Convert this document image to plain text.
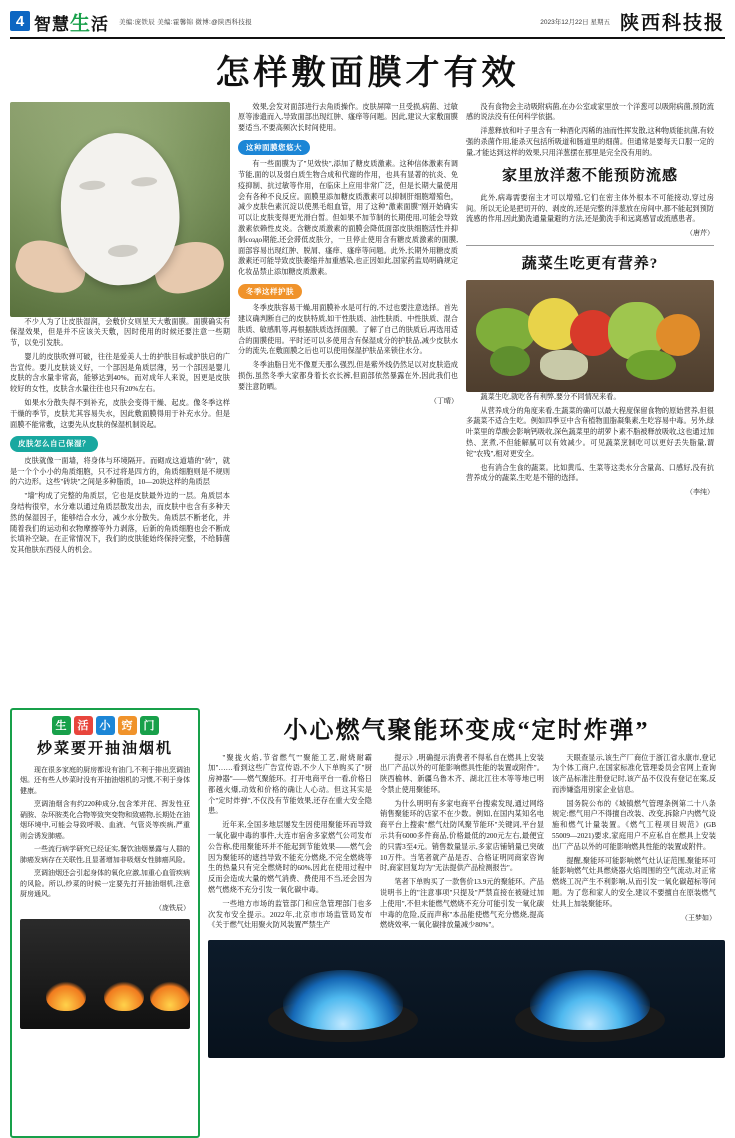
4 智慧 生 活 美编:庞铁辰 美编:霍馨锦 微博:@陕西科技报	2023年12月22日 星期五 陕西科技报
怎样敷面膜才有效

不少人为了让皮肤湿润，会敷价女则星天大敷面膜。面膜确实有保湿效果，但是并不应该关天敷，因时使用的时候还要注意一些期节，以免引发肤。

婴儿的皮肤吹弹可破，往往是爱美人士的护肤目标或护肤启的广告宣传。要儿皮肤谈义好，一个部因是角质层薄，另一个部因是婴儿皮肤的含水量非常高，能够达到40%。而对成年人来说，因更是皮肤较好的女性，皮肤含水量往往也只有20%左右。

如果水分散失得不到补充，皮肤会变得干燥、起皮。像冬季这样干燥的季节，皮肤尤其容易失水，因此敷面膜得用于补充水分。但是面膜不能常敷，这要先从皮肤的保湿机制说起。

皮肤怎么自己保湿？

皮肤就像一面墙，将身体与环境隔开。而砌成这道墙的"砖"，就是一个个小小的角质细胞，只不过将是四方的，角质细胞则是不规则的六边形。这些"砖块"之间是多种脂质，10—20块这样的角质层

"墙"构成了完整的角质层，它也是皮肤最外边的一层。角质层本身结构很窄，水分难以通过角质层散发出去，而皮肤中也含有多种天然的保湿因子，能够结合水分，减少水分散失。角质层不断老化，并随着我们的运动和衣物摩擦等外力剥落，后新的角质细胞也会不断成长填补空缺。在正常情况下，我们的皮肤能始终保持完整，不给肺菌发其他肤东西侵人的机会。

效果,会发对面部进行去角质操作。皮肤屏障一旦受损,病菌、过敏原等渗遗而入,导致面部出现红肿、瘙痒等问题。因此,建议大家敷面膜要适当,不要高频次长时间使用。

这种面膜您悠大

有一些面膜为了"见效快",添加了糖皮质激素。这种信体激素有调节能,面的以及弱白质生物合成和代谢的作用，也具有显著的抗炎、免疫抑制、抗过敏等作用，在临床上应用非常广泛，但是长期大量使用会有各种不良反应。面膜里添加糖皮质激素可以抑制肝细胞增殖色，减少皮肤色素沉淀以使黑毛组血管，用了这种"激素面膜"刚开始确实可以让皮肤变得更光滑白皙。但如果不加节制的长期使用,可能会导致激素依赖性皮炎。含糖皮质激素的面膜会降低面部皮肤细胞活性并抑制создо期能,还会滞低皮肤分，一旦停止使用含有糖皮质激素的面膜,面部容易出现红肿、脱屑、瘙痒、瘙痒等问题。此外,长期外用糖皮质激素还可能导致皮肤萎缩并加重感染,也正因如此,国家药监局明确规定化妆品禁止添加糖皮质激素。

冬季这样护肤

冬季皮肤容易干燥,用面膜补水是可行的,不过也要注意选择。首先建议确判断自己的皮肤特质,如干性肤质、油性肤质、中性肤质、混合肤质、敏感肌等,再根据肤质选择面膜。了解了自己的肤质后,再选用适合的面膜使用。平时还可以多使用含有保湿成分的护肤品,减少皮肤水分的流失,在敷面膜之后也可以使用保湿护肤品来锁住水分。

冬季油脂日光不像夏天那么强烈,但是紫外线仍然足以对皮肤造成损伤,虽然冬季大家都身着长衣长裤,但面部依然暴露在外,因此我们也要注意防晒。

（丁晴）

没有食物会主动吸附病菌,在办公室或家里放一个洋葱可以吸附病菌,预防流感的说法没有任何科学依据。

洋葱释放和叶子里含有一种酒化丙稀的油而性挥发散,这种物质能抗菌,有较强的杀菌作用,能杀灭包括所吸道和肠道里的细菌。但通常是要每天口服一定的量,才能达到这样的效果,只用洋葱摆在那里是完全没有用的。

家里放洋葱不能预防流感

此外,病毒需要宿主才可以增殖,它们在密主体外根本不可能接动,穿过房间。所以无论是把切开的、剥皮的,还是完整的洋葱放在房间中,都不能起到预防流感的作用,因此勤洗通量量避的方法,还是勤洗手和远离感冒或流感患者。

（唐芹）
蔬菜生吃更有营养?

蔬菜生吃,就吃各有利弊,要分不同情况来看。

从营养成分的角度来看,生蔬菜的确可以最大程度保留食物的原始营养,但很多蔬菜不适合生吃。例如四季豆中含有植物皿脂凝集素,生吃容易中毒。另外,绿叶菜里的草酸会影响钙吸收,深色蔬菜里的胡萝卜素不脂被释放吸收,这也通过加热、烹煮,不但能解腻可以有效减少。可见蔬菜烹制吃可以更好丢失脂量,谓铊"农残",相对更安全。

也有消合生食的蔬菜。比如黄瓜、生菜等这类水分含量高、口感好,没有抗营养成分的蔬菜,生吃是不错的选择。

（李纯）
生	活	小	窍	门
炒菜要开抽油烟机

现在很多家庭的厨房都设有油门,不利于排出烹调油烟。还有些人炒菜时没有开抽油烟机的习惯,不利于身体健康。

烹调油烟含有约220种成分,包含苯并芘、挥发性亚硝胺、杂环胺类化合物等致突变物和致癌物,长期处在油烟环境中,可能会导致呼吸、血液、气管炎等疾病,严重则会诱发肺癌。

一些流行病学研究已经证实,餐饮油烟暴露与人群的肺癌发病存在关联性,且显著增加非吸烟女性肺癌风险。

烹调油烟还会引起身体的氧化应激,加重心血管疾病的风险。所以,炒菜的时候一定要先打开抽油烟机,注意厨房通风。

（庞铁辰）
小心燃气聚能环变成“定时炸弹”

"聚拢火焰,节省燃气""聚能工艺,耐烧耐霸加"……看到这些广告宣传语,不少人下单购买了"厨房神器"——燃气聚能环。打开电商平台一看,价格日都越火爆,动效和价格的确让人心动。但这其实是个"定时炸弹",不仅没有节能效果,还存在重大安全隐患。

近年来,全国多地层屡发生因使用聚能环而导致一氧化碳中毒的事件,大连市宿舍多家燃气公司发布公告称,使用聚能环并不能起到节能效果——燃气会因为聚能环的遮挡导致不能充分燃烧,不完全燃烧等生的热量只有完全燃烧时的60%,因此在使用过程中反而会造成大量的燃气消费、费使用不当,还会因为燃气燃烧不充分引发一氧化碳中毒。

一些地方市场的监管部门和应急管理部门也多次发布安全提示。2022年,北京市市场监管局发布《关于燃气灶用聚火防风装置严禁生产

提示》,明确提示消费者不得私自在燃具上安装出厂产品以外的可能影响燃具性能的装置或附件"。陕西榆林、新疆乌鲁木齐、湖北江往木等等地已明令禁止使用聚能环。

为什么明明有多家电商平台搜索发现,通过网络销售聚能环的店家不在少数。例如,在国内某知名电商平台上搜索"燃气灶防风聚节能环"关键词,平台显示共有6000多件商品,价格最低的200元左右,最便宜的只需3至4元。销售数量显示,多家店铺销量已突破10万件。当笔者就产品是否、合格证明同商家咨询时,商家回复均为"无法提供产品检测报告"。

笔者下单购买了一款售价13.9元的聚能环。产品说明书上的"注意事项"只提及"严禁直接在被碰过加上使用",不但未能燃气燃烧不充分可能引发一氧化碳中毒的危险,反而声称"本品能使燃气充分燃烧,提高燃烧效率,一氧化碳排放量减少80%"。

天眼查显示,该生产厂商位于浙江省永康市,登记为个体工商户,在国家标准化管理委员会官网上查询该产品标准注册登记时,该产品不仅没有登记在案,反而涉嫌盗用别家企业信息。

国务院公布的《城镇燃气管理条例第二十八条规定:燃气用户不得擅自改装、改变,拆除户内燃气设施和燃气计量装置。《燃气工程项目规范》(GB 55009—2021)要求,家庭用户不应私自在燃具上安装出厂产品以外的可能影响燃具性能的装置或附件。

提醒,聚能环可能影响燃气灶认证范围,聚能环可能影响燃气灶具燃烧器火焰周围的空气流动,对正常燃烧工况产生不利影响,从而引发一氧化碳超标等问题。为了您和家人的安全,建议不要擅自在原装燃气灶具上加装聚能环。

（王梦如）
